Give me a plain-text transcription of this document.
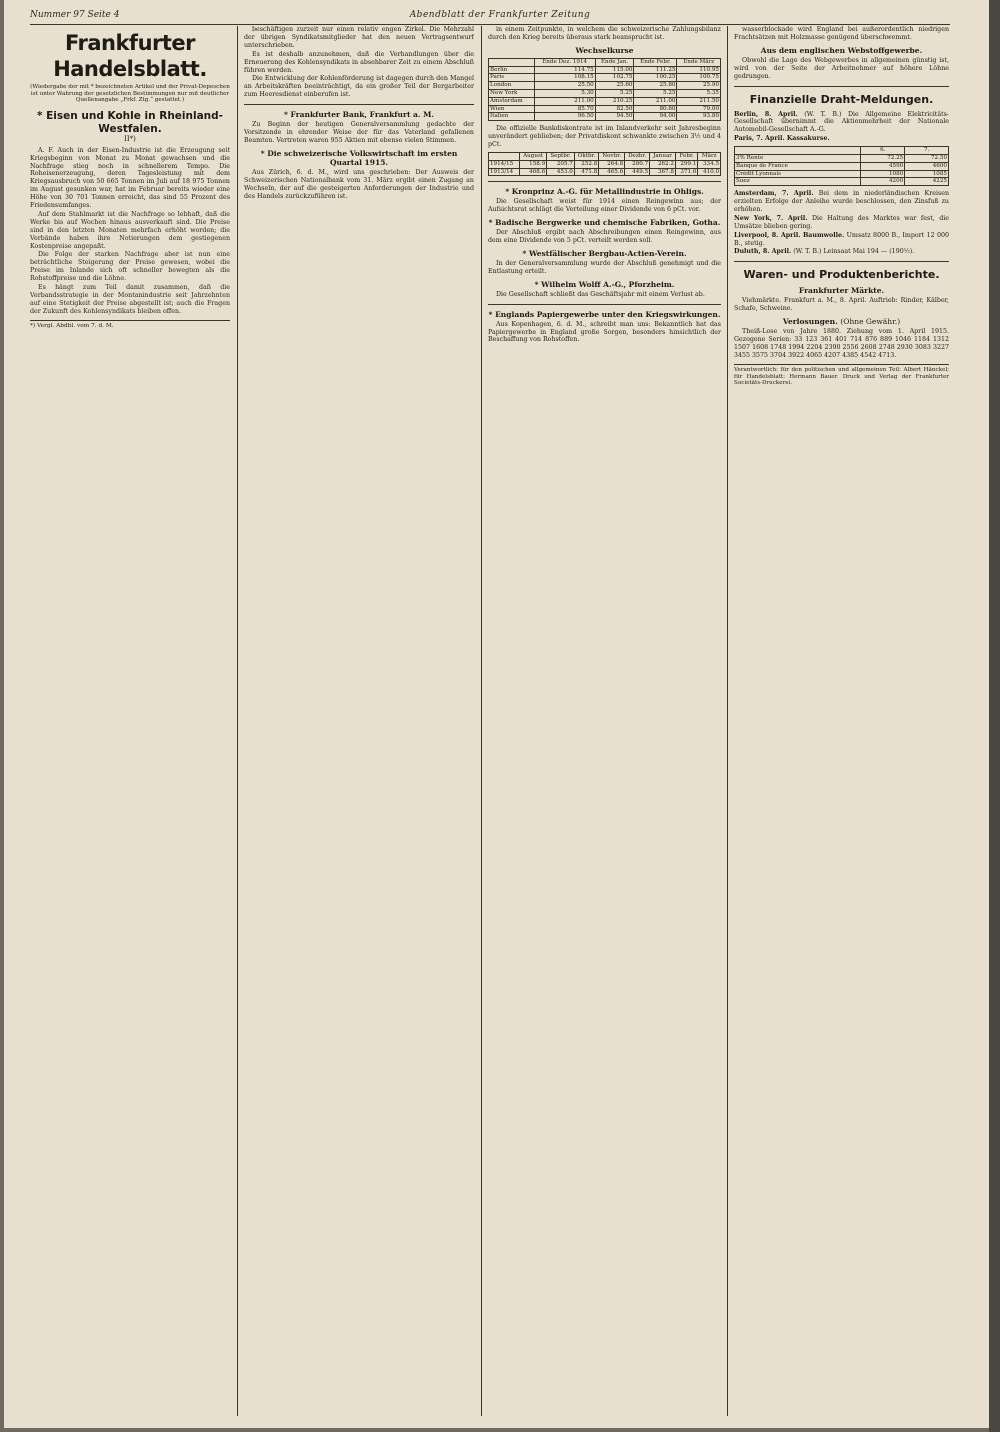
Nummer 97 Seite 4	Abendblatt der Frankfurter Zeitung
Frankfurter Handelsblatt.
(Wiedergabe der mit * bezeichneten Artikel und der Privat-Depeschen ist unter Wahrung der gesetzlichen Bestimmungen nur mit deutlicher Quellenangabe „Frkf. Ztg.“ gestattet.)
* Eisen und Kohle in Rheinland-Westfalen.
II*)

A. F. Auch in der Eisen-Industrie ist die Erzeugung seit Kriegsbeginn von Monat zu Monat gewachsen und die Nachfrage stieg noch in schnellerem Tempo. Die Roheisenerzeugung, deren Tagesleistung mit dem Kriegsausbruch von 50 665 Tonnen im Juli auf 18 975 Tonnen im August gesunken war, hat im Februar bereits wieder eine Höhe von 30 701 Tonnen erreicht, das sind 55 Prozent des Friedensumfanges.

Auf dem Stahlmarkt ist die Nachfrage so lebhaft, daß die Werke bis auf Wochen hinaus ausverkauft sind. Die Preise sind in den letzten Monaten mehrfach erhöht worden; die Verbände haben ihre Notierungen dem gestiegenen Kostenpreise angepaßt.

Die Folge der starken Nachfrage aber ist nun eine beträchtliche Steigerung der Preise gewesen, wobei die Preise im Inlande sich oft schneller bewegten als die Rohstoffpreise und die Löhne.

Es hängt zum Teil damit zusammen, daß die Verbandsstrategie in der Montanindustrie seit Jahrzehnten auf eine Stetigkeit der Preise abgestellt ist; auch die Fragen der Zukunft des Kohlensyndikats bleiben offen.

*) Vergl. Abdbl. vom 7. d. M.

beschäftigen zurzeit nur einen relativ engen Zirkel. Die Mehrzahl der übrigen Syndikatsmitglieder hat den neuen Vertragsentwurf unterschrieben.

Es ist deshalb anzunehmen, daß die Verhandlungen über die Erneuerung des Kohlensyndikats in absehbarer Zeit zu einem Abschluß führen werden.

Die Entwicklung der Kohlenförderung ist dagegen durch den Mangel an Arbeitskräften beeinträchtigt, da ein großer Teil der Bergarbeiter zum Heeresdienst einberufen ist.

* Frankfurter Bank, Frankfurt a. M.

Zu Beginn der heutigen Generalversammlung gedachte der Vorsitzende in ehrender Weise der für das Vaterland gefallenen Beamten. Vertreten waren 955 Aktien mit ebenso vielen Stimmen.

* Die schweizerische Volkswirtschaft im ersten Quartal 1915.

Aus Zürich, 6. d. M., wird uns geschrieben: Der Ausweis der Schweizerischen Nationalbank vom 31. März ergibt einen Zugang an Wechseln, der auf die gesteigerten Anforderungen der Industrie und des Handels zurückzuführen ist.

in einem Zeitpunkte, in welchem die schweizerische Zahlungsbilanz durch den Krieg bereits überaus stark beansprucht ist.

Wechselkurse
	Ende Dez. 1914	Ende Jan.	Ende Febr.	Ende März
Berlin	114.75	115.00	111.25	110.95
Paris	108.15	102.75	100.25	100.75
London	25.50	25.60	25.80	25.90
New York	5.30	5.25	5.25	5.35
Amsterdam	211.00	210.25	211.00	211.50
Wien	85.70	82.50	80.60	79.00
Italien	96.50	94.50	94.00	93.80

Die offizielle Bankdiskontrate ist im Inlandverkehr seit Jahresbeginn unverändert geblieben; der Privatdiskont schwankte zwischen 3½ und 4 pCt.

	August	Septbr.	Oktbr.	Novbr.	Dezbr.	Januar	Febr.	März
1914/15	158.9	205.7	252.8	264.8	280.7	262.2	299.1	334.5
1913/14	468.6	453.0	471.8	465.6	449.5	367.8	371.6	410.0
* Kronprinz A.-G. für Metallindustrie in Ohligs.

Die Gesellschaft weist für 1914 einen Reingewinn aus; der Aufsichtsrat schlägt die Verteilung einer Dividende von 6 pCt. vor.

* Badische Bergwerke und chemische Fabriken, Gotha.

Der Abschluß ergibt nach Abschreibungen einen Reingewinn, aus dem eine Dividende von 5 pCt. verteilt werden soll.

* Westfälischer Bergbau-Actien-Verein.

In der Generalversammlung wurde der Abschluß genehmigt und die Entlastung erteilt.

* Wilhelm Wolff A.-G., Pforzheim.

Die Gesellschaft schließt das Geschäftsjahr mit einem Verlust ab.

* Englands Papiergewerbe unter den Kriegswirkungen.

Aus Kopenhagen, 6. d. M., schreibt man uns: Bekanntlich hat das Papiergewerbe in England große Sorgen, besonders hinsichtlich der Beschaffung von Rohstoffen.

wasserblockade wird England bei außerordentlich niedrigen Frachtsätzen mit Holzmasse genügend überschwemmt.

Aus dem englischen Webstoffgewerbe.

Obwohl die Lage des Webgewerbes in allgemeinen günstig ist, wird von der Seite der Arbeitnehmer auf höhere Löhne gedrungen.

Finanzielle Draht-Meldungen.

Berlin, 8. April. (W. T. B.) Die Allgemeine Elektricitäts-Gesellschaft übernimmt die Aktienmehrheit der Nationale Automobil-Gesellschaft A.-G.

Paris, 7. April. Kassakurse.

	6.	7.
3% Rente	72.25	72.50
Banque de France	4590	4600
Crédit Lyonnais	1080	1085
Suez	4200	4225

Amsterdam, 7. April. Bei dem in niederländischen Kreisen erzielten Erfolge der Anleihe wurde beschlossen, den Zinsfuß zu erhöhen.

New York, 7. April. Die Haltung des Marktes war fest, die Umsätze blieben gering.

Liverpool, 8. April. Baumwolle. Umsatz 8000 B., Import 12 000 B., stetig.

Duluth, 8. April. (W. T. B.) Leinsaat Mai 194 — (190½).

Waren- und Produktenberichte.
Frankfurter Märkte.

Viehmärkte. Frankfurt a. M., 8. April. Auftrieb: Rinder, Kälber, Schafe, Schweine.

Verlosungen. (Ohne Gewähr.)

Theiß-Lose von Jahre 1880. Ziehung vom 1. April 1915. Gezogene Serien: 33 123 361 401 714 876 889 1046 1184 1312 1507 1608 1748 1994 2204 2390 2556 2608 2748 2930 3083 3227 3455 3575 3704 3922 4065 4207 4385 4542 4713.

Verantwortlich: für den politischen und allgemeinen Teil: Albert Hänckel; für Handelsblatt: Hermann Bauer. Druck und Verlag der Frankfurter Societäts-Druckerei.
